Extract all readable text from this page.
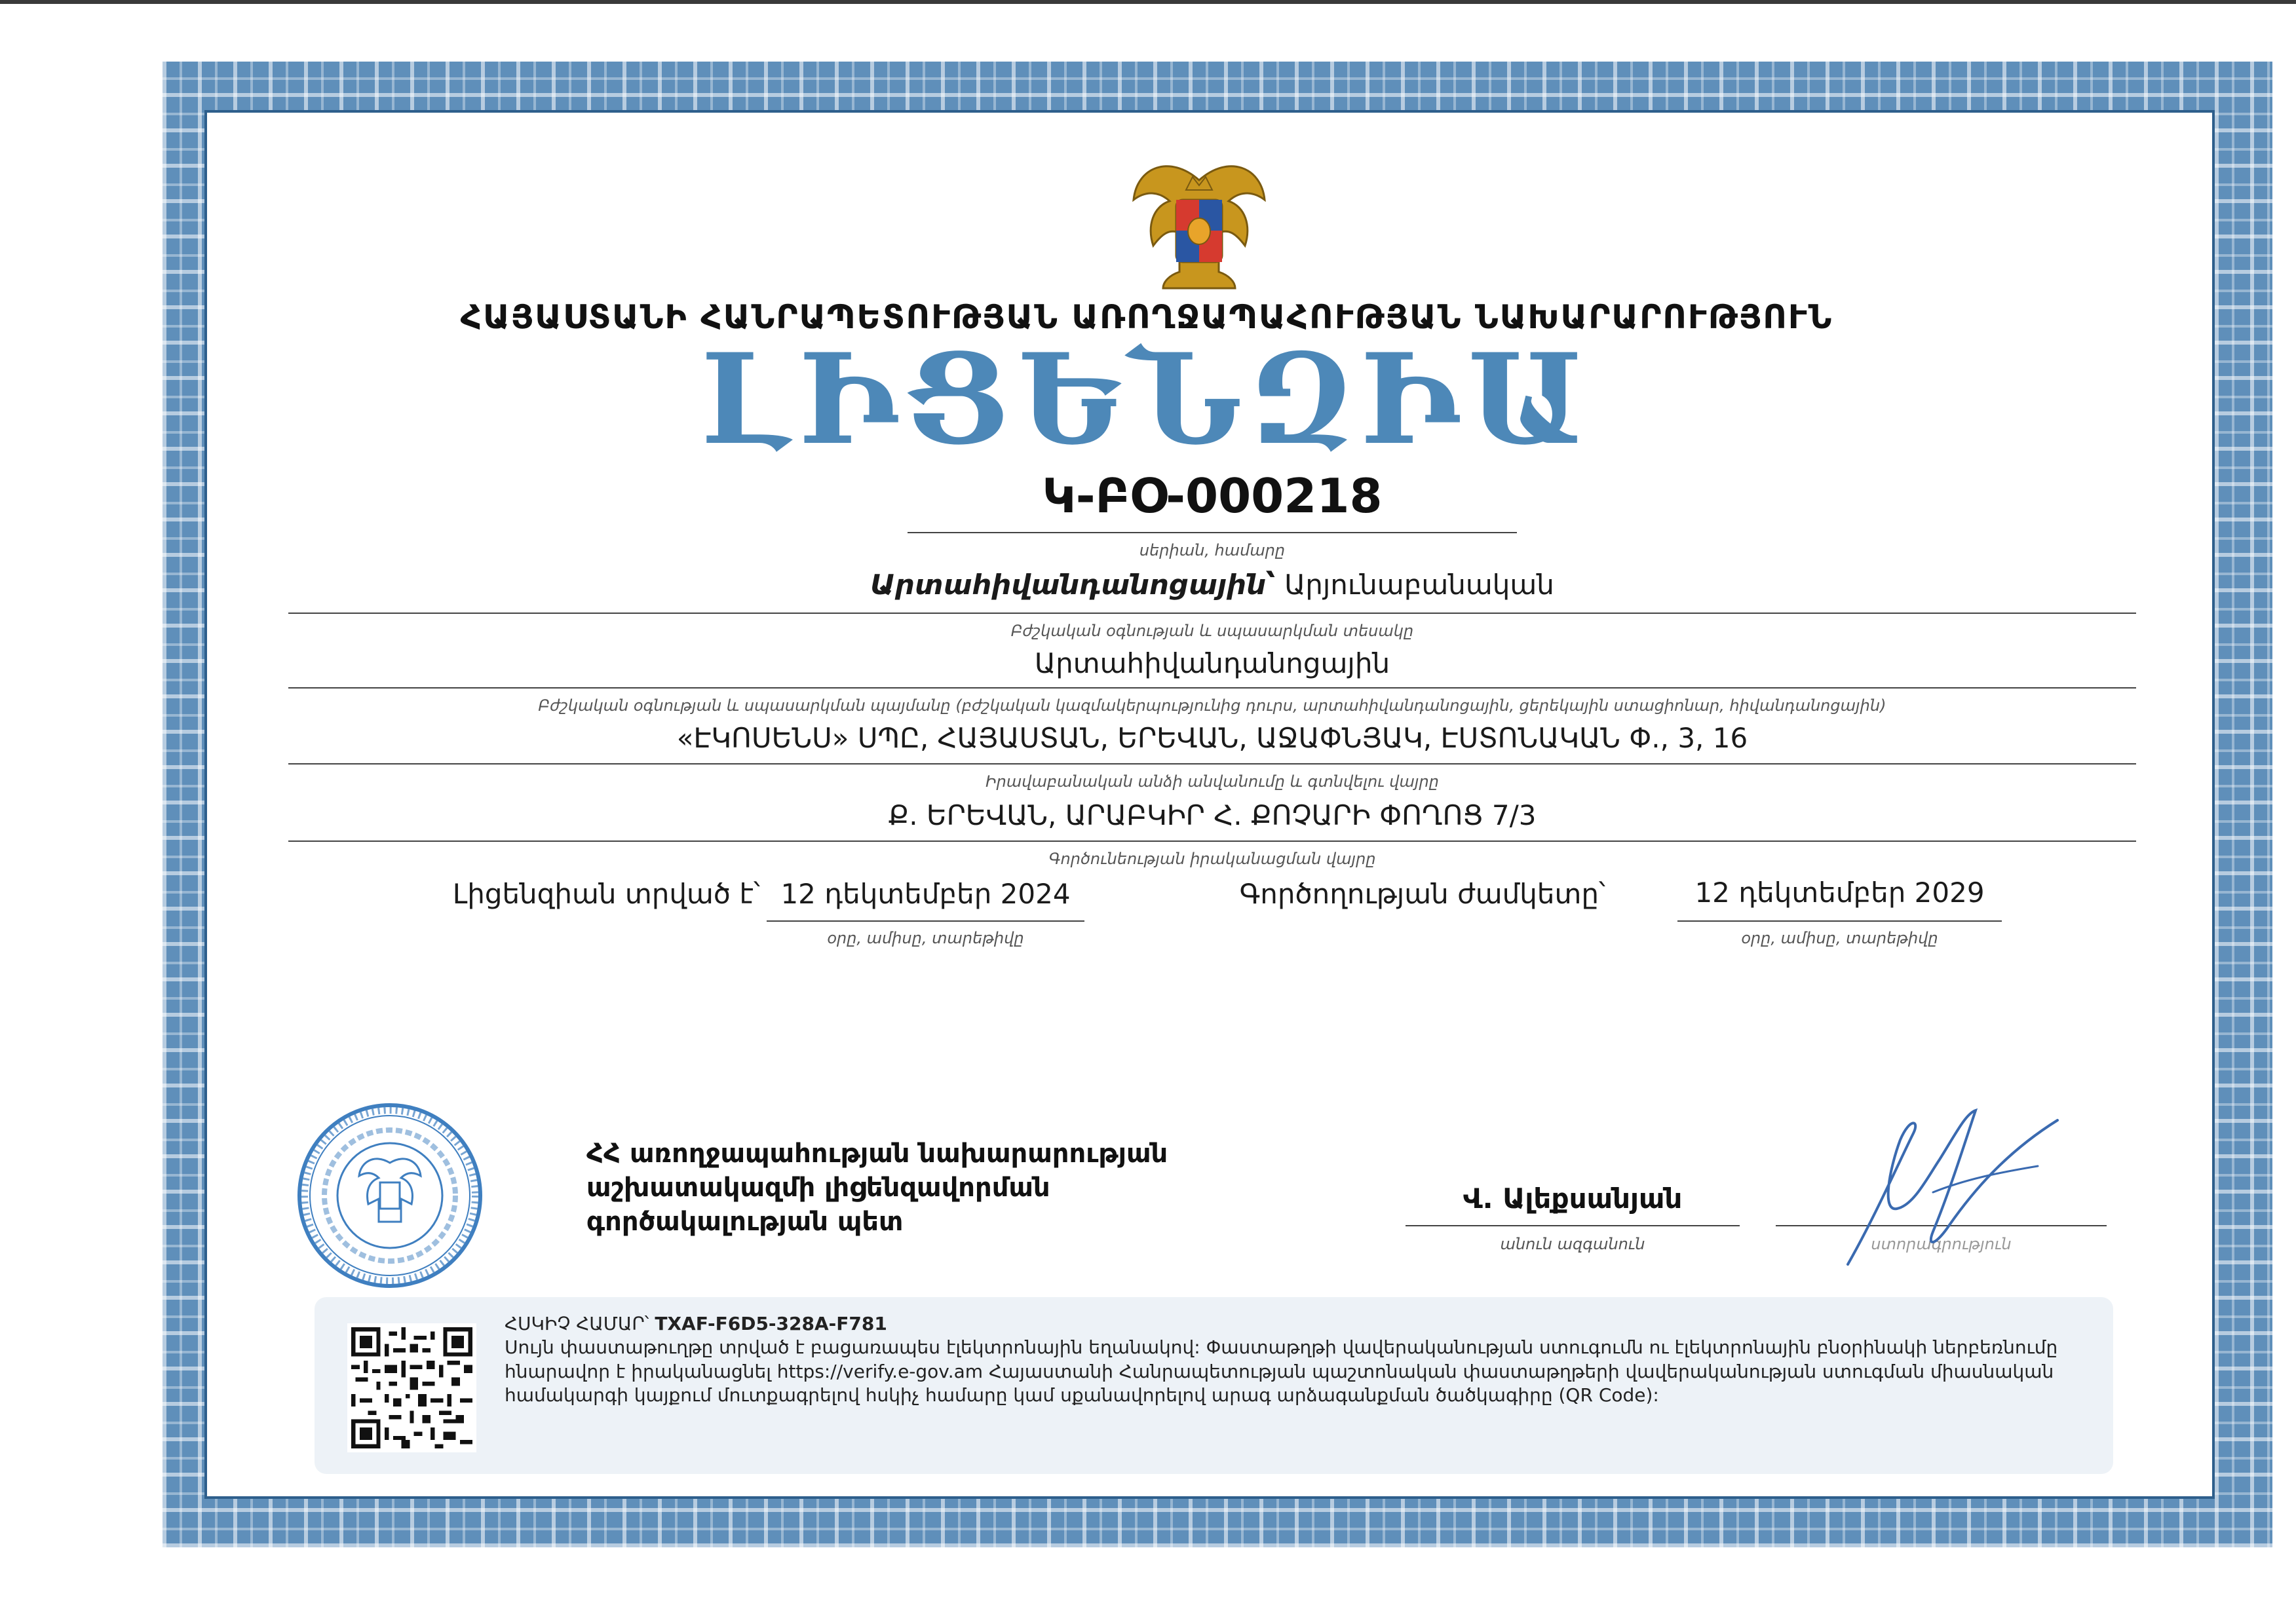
ՀԱՅԱՍՏԱՆԻ ՀԱՆՐԱՊԵՏՈՒԹՅԱՆ ԱՌՈՂՋԱՊԱՀՈՒԹՅԱՆ ՆԱԽԱՐԱՐՈՒԹՅՈՒՆ
ԼԻՑԵՆԶԻԱ
Կ-ԲՕ-000218
սերիան, համարը
Արտահիվանդանոցային՝ Արյունաբանական
Բժշկական օգնության և սպասարկման տեսակը
Արտահիվանդանոցային
Բժշկական օգնության և սպասարկման պայմանը (բժշկական կազմակերպությունից դուրս, արտահիվանդանոցային, ցերեկային ստացիոնար, հիվանդանոցային)
«ԷԿՈՍԵՆՍ» ՍՊԸ, ՀԱՅԱՍՏԱՆ, ԵՐԵՎԱՆ, ԱՋԱՓՆՅԱԿ, ԷՍՏՈՆԱԿԱՆ Փ., 3, 16
Իրավաբանական անձի անվանումը և գտնվելու վայրը
Ք. ԵՐԵՎԱՆ, ԱՐԱԲԿԻՐ Հ. ՔՈՉԱՐԻ ՓՈՂՈՑ 7/3
Գործունեության իրականացման վայրը
Լիցենզիան տրված է՝ 12 դեկտեմբեր 2024
օրը, ամիսը, տարեթիվը
Գործողության ժամկետը՝	12 դեկտեմբեր 2029
օրը, ամիսը, տարեթիվը
ՀՀ առողջապահության նախարարության
աշխատակազմի լիցենզավորման
գործակալության պետ
Վ. Ալեքսանյան
անուն ազգանուն	ստորագրություն
ՀՍԿԻՉ ՀԱՄԱՐ՝ TXAF-F6D5-328A-F781
Սույն փաստաթուղթը տրված է բացառապես էլեկտրոնային եղանակով: Փաստաթղթի վավերականության ստուգումն ու էլեկտրոնային բնօրինակի ներբեռնումը հնարավոր է իրականացնել https://verify.e-gov.am Հայաստանի Հանրապետության պաշտոնական փաստաթղթերի վավերականության ստուգման միասնական համակարգի կայքում մուտքագրելով հսկիչ համարը կամ սքանավորելով արագ արձագանքման ծածկագիրը (QR Code):
